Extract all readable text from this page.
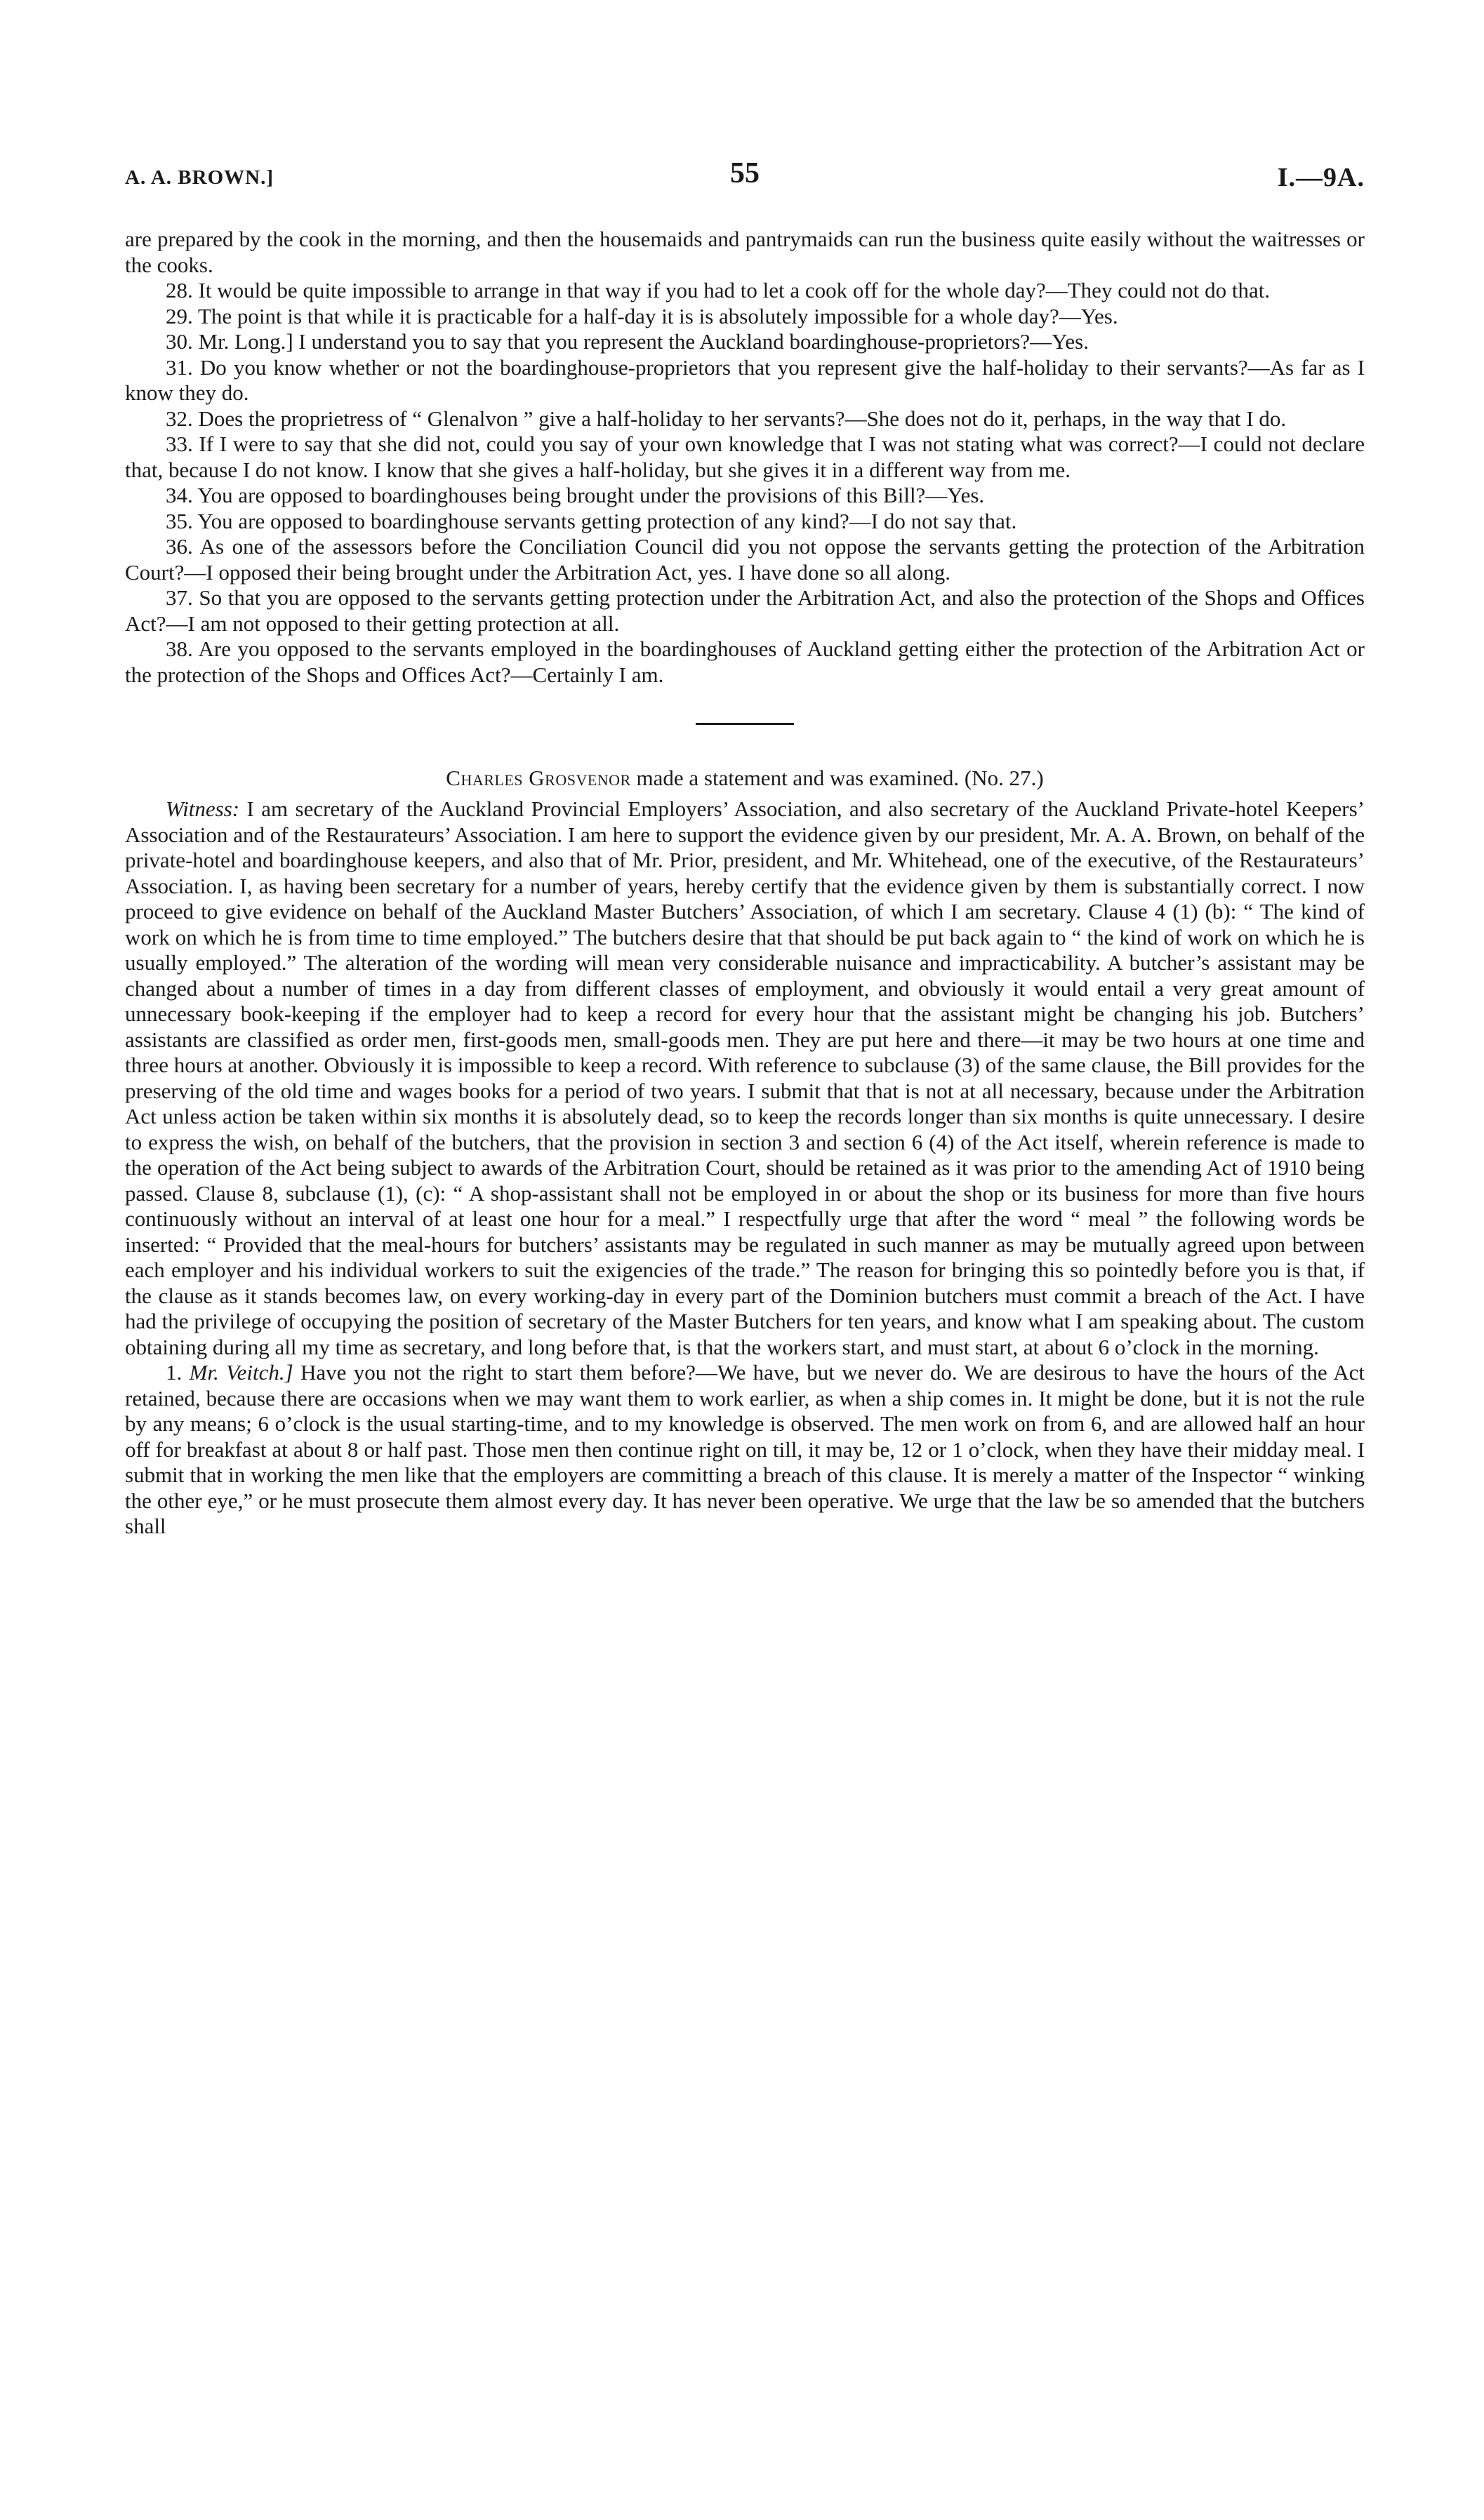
A. A. BROWN.]	55	I.—9A.

are prepared by the cook in the morning, and then the housemaids and pantrymaids can run the business quite easily without the waitresses or the cooks.

28. It would be quite impossible to arrange in that way if you had to let a cook off for the whole day?—They could not do that.

29. The point is that while it is practicable for a half-day it is is absolutely impossible for a whole day?—Yes.

30. Mr. Long.] I understand you to say that you represent the Auckland boardinghouse-proprietors?—Yes.

31. Do you know whether or not the boardinghouse-proprietors that you represent give the half-holiday to their servants?—As far as I know they do.

32. Does the proprietress of “ Glenalvon ” give a half-holiday to her servants?—She does not do it, perhaps, in the way that I do.

33. If I were to say that she did not, could you say of your own knowledge that I was not stating what was correct?—I could not declare that, because I do not know. I know that she gives a half-holiday, but she gives it in a different way from me.

34. You are opposed to boardinghouses being brought under the provisions of this Bill?—Yes.

35. You are opposed to boardinghouse servants getting protection of any kind?—I do not say that.

36. As one of the assessors before the Conciliation Council did you not oppose the servants getting the protection of the Arbitration Court?—I opposed their being brought under the Arbitration Act, yes. I have done so all along.

37. So that you are opposed to the servants getting protection under the Arbitration Act, and also the protection of the Shops and Offices Act?—I am not opposed to their getting protection at all.

38. Are you opposed to the servants employed in the boardinghouses of Auckland getting either the protection of the Arbitration Act or the protection of the Shops and Offices Act?—Certainly I am.

Charles Grosvenor made a statement and was examined. (No. 27.)

Witness: I am secretary of the Auckland Provincial Employers’ Association, and also secretary of the Auckland Private-hotel Keepers’ Association and of the Restaurateurs’ Association. I am here to support the evidence given by our president, Mr. A. A. Brown, on behalf of the private-hotel and boardinghouse keepers, and also that of Mr. Prior, president, and Mr. Whitehead, one of the executive, of the Restaurateurs’ Association. I, as having been secretary for a number of years, hereby certify that the evidence given by them is substantially correct. I now proceed to give evidence on behalf of the Auckland Master Butchers’ Association, of which I am secretary. Clause 4 (1) (b): “ The kind of work on which he is from time to time employed.” The butchers desire that that should be put back again to “ the kind of work on which he is usually employed.” The alteration of the wording will mean very considerable nuisance and impracticability. A butcher’s assistant may be changed about a number of times in a day from different classes of employment, and obviously it would entail a very great amount of unnecessary book-keeping if the employer had to keep a record for every hour that the assistant might be changing his job. Butchers’ assistants are classified as order men, first-goods men, small-goods men. They are put here and there—it may be two hours at one time and three hours at another. Obviously it is impossible to keep a record. With reference to subclause (3) of the same clause, the Bill provides for the preserving of the old time and wages books for a period of two years. I submit that that is not at all necessary, because under the Arbitration Act unless action be taken within six months it is absolutely dead, so to keep the records longer than six months is quite unnecessary. I desire to express the wish, on behalf of the butchers, that the provision in section 3 and section 6 (4) of the Act itself, wherein reference is made to the operation of the Act being subject to awards of the Arbitration Court, should be retained as it was prior to the amending Act of 1910 being passed. Clause 8, subclause (1), (c): “ A shop-assistant shall not be employed in or about the shop or its business for more than five hours continuously without an interval of at least one hour for a meal.” I respectfully urge that after the word “ meal ” the following words be inserted: “ Provided that the meal-hours for butchers’ assistants may be regulated in such manner as may be mutually agreed upon between each employer and his individual workers to suit the exigencies of the trade.” The reason for bringing this so pointedly before you is that, if the clause as it stands becomes law, on every working-day in every part of the Dominion butchers must commit a breach of the Act. I have had the privilege of occupying the position of secretary of the Master Butchers for ten years, and know what I am speaking about. The custom obtaining during all my time as secretary, and long before that, is that the workers start, and must start, at about 6 o’clock in the morning.

1. Mr. Veitch.] Have you not the right to start them before?—We have, but we never do. We are desirous to have the hours of the Act retained, because there are occasions when we may want them to work earlier, as when a ship comes in. It might be done, but it is not the rule by any means; 6 o’clock is the usual starting-time, and to my knowledge is observed. The men work on from 6, and are allowed half an hour off for breakfast at about 8 or half past. Those men then continue right on till, it may be, 12 or 1 o’clock, when they have their midday meal. I submit that in working the men like that the employers are committing a breach of this clause. It is merely a matter of the Inspector “ winking the other eye,” or he must prosecute them almost every day. It has never been operative. We urge that the law be so amended that the butchers shall
